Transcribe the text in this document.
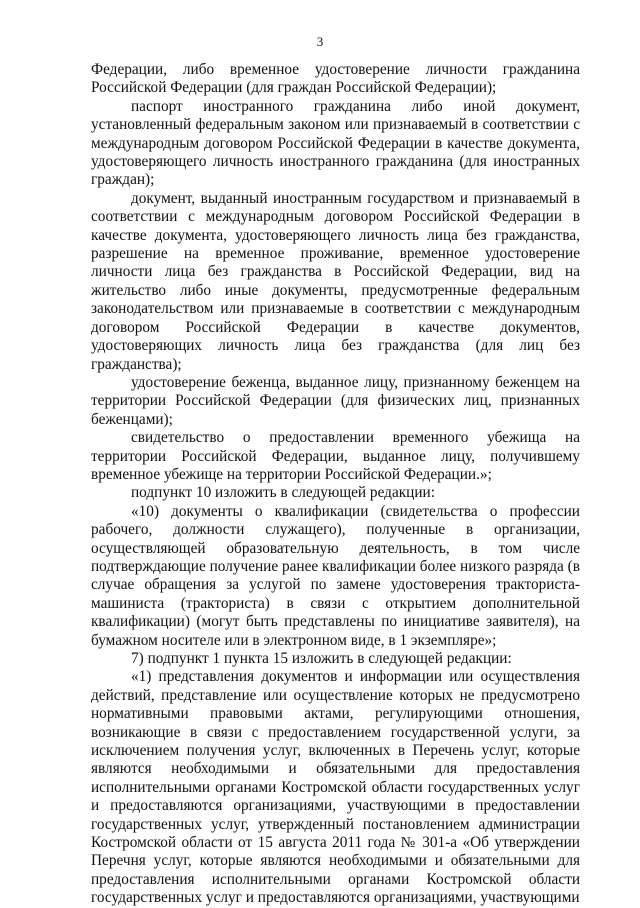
3

Федерации, либо временное удостоверение личности гражданина Российской Федерации (для граждан Российской Федерации);

паспорт иностранного гражданина либо иной документ, установленный федеральным законом или признаваемый в соответствии с международным договором Российской Федерации в качестве документа, удостоверяющего личность иностранного гражданина (для иностранных граждан);

документ, выданный иностранным государством и признаваемый в соответствии с международным договором Российской Федерации в качестве документа, удостоверяющего личность лица без гражданства, разрешение на временное проживание, временное удостоверение личности лица без гражданства в Российской Федерации, вид на жительство либо иные документы, предусмотренные федеральным законодательством или признаваемые в соответствии с международным договором Российской Федерации в качестве документов, удостоверяющих личность лица без гражданства (для лиц без гражданства);

удостоверение беженца, выданное лицу, признанному беженцем на территории Российской Федерации (для физических лиц, признанных беженцами);

свидетельство о предоставлении временного убежища на территории Российской Федерации, выданное лицу, получившему временное убежище на территории Российской Федерации.»;

подпункт 10 изложить в следующей редакции:

«10) документы о квалификации (свидетельства о профессии рабочего, должности служащего), полученные в организации, осуществляющей образовательную деятельность, в том числе подтверждающие получение ранее квалификации более низкого разряда (в случае обращения за услугой по замене удостоверения тракториста-машиниста (тракториста) в связи с открытием дополнительной квалификации) (могут быть представлены по инициативе заявителя), на бумажном носителе или в электронном виде, в 1 экземпляре»;

7) подпункт 1 пункта 15 изложить в следующей редакции:

«1) представления документов и информации или осуществления действий, представление или осуществление которых не предусмотрено нормативными правовыми актами, регулирующими отношения, возникающие в связи с предоставлением государственной услуги, за исключением получения услуг, включенных в Перечень услуг, которые являются необходимыми и обязательными для предоставления исполнительными органами Костромской области государственных услуг и предоставляются организациями, участвующими в предоставлении государственных услуг, утвержденный постановлением администрации Костромской области от 15 августа 2011 года № 301-а «Об утверждении Перечня услуг, которые являются необходимыми и обязательными для предоставления исполнительными органами Костромской области государственных услуг и предоставляются организациями, участвующими
